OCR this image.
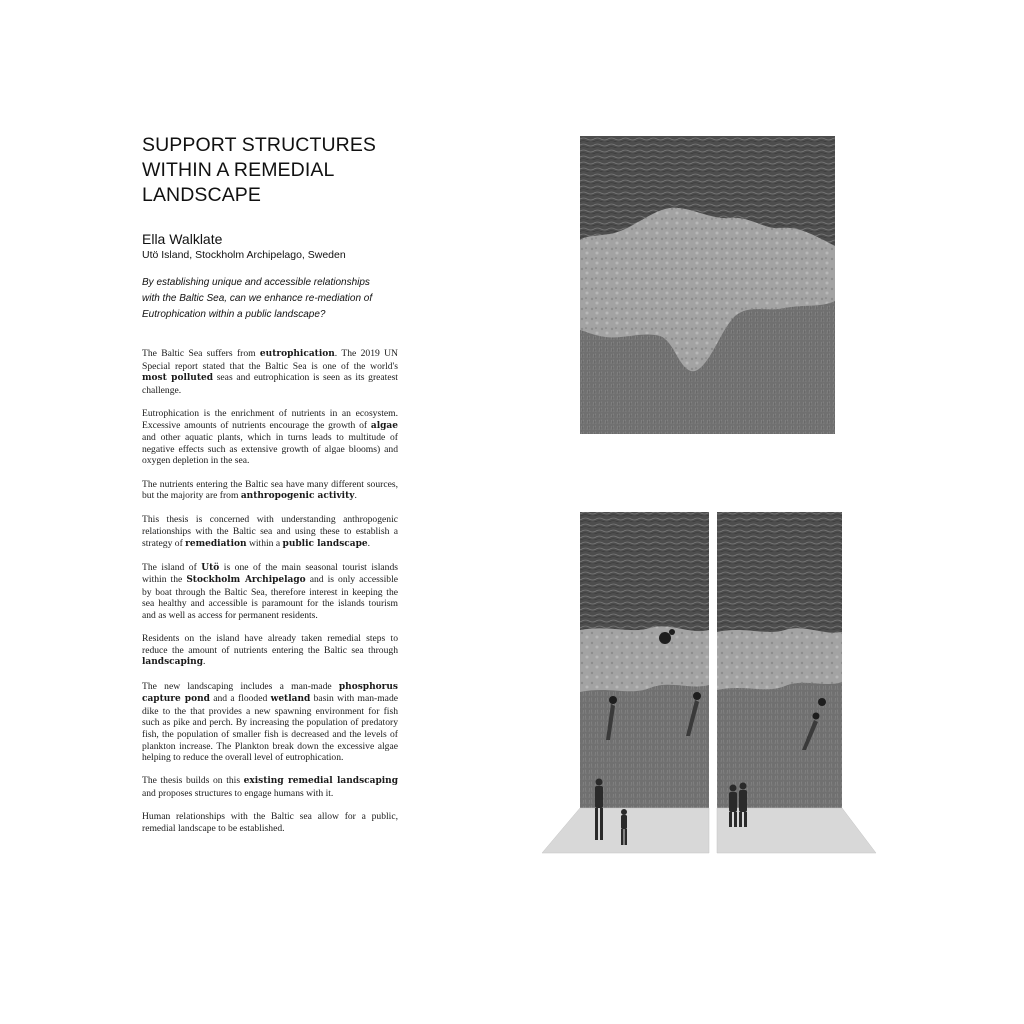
SUPPORT STRUCTURES
WITHIN A REMEDIAL
LANDSCAPE
Ella Walklate
Utö Island, Stockholm Archipelago, Sweden
By establishing unique and accessible relationships
with the Baltic Sea, can we enhance re-mediation of
Eutrophication within a public landscape?

The Baltic Sea suffers from eutrophication. The 2019 UN Special report stated that the Baltic Sea is one of the world's most polluted seas and eutrophication is seen as its greatest challenge.

Eutrophication is the enrichment of nutrients in an ecosystem. Excessive amounts of nutrients encourage the growth of algae and other aquatic plants, which in turns leads to multitude of negative effects such as extensive growth of algae blooms) and oxygen depletion in the sea.

The nutrients entering the Baltic sea have many different sources, but the majority are from anthropogenic activity.

This thesis is concerned with understanding anthropogenic relationships with the Baltic sea and using these to establish a strategy of remediation within a public landscape.

The island of Utö is one of the main seasonal tourist islands within the Stockholm Archipelago and is only accessible by boat through the Baltic Sea, therefore interest in keeping the sea healthy and accessible is paramount for the islands tourism and as well as access for permanent residents.

Residents on the island have already taken remedial steps to reduce the amount of nutrients entering the Baltic sea through landscaping.

The new landscaping includes a man-made phosphorus capture pond and a flooded wetland basin with man-made dike to the that provides a new spawning environment for fish such as pike and perch. By increasing the population of predatory fish, the population of smaller fish is decreased and the levels of plankton increase. The Plankton break down the excessive algae helping to reduce the overall level of eutrophication.

The thesis builds on this existing remedial landscaping and proposes structures to engage humans with it.

Human relationships with the Baltic sea allow for a public, remedial landscape to be established.
